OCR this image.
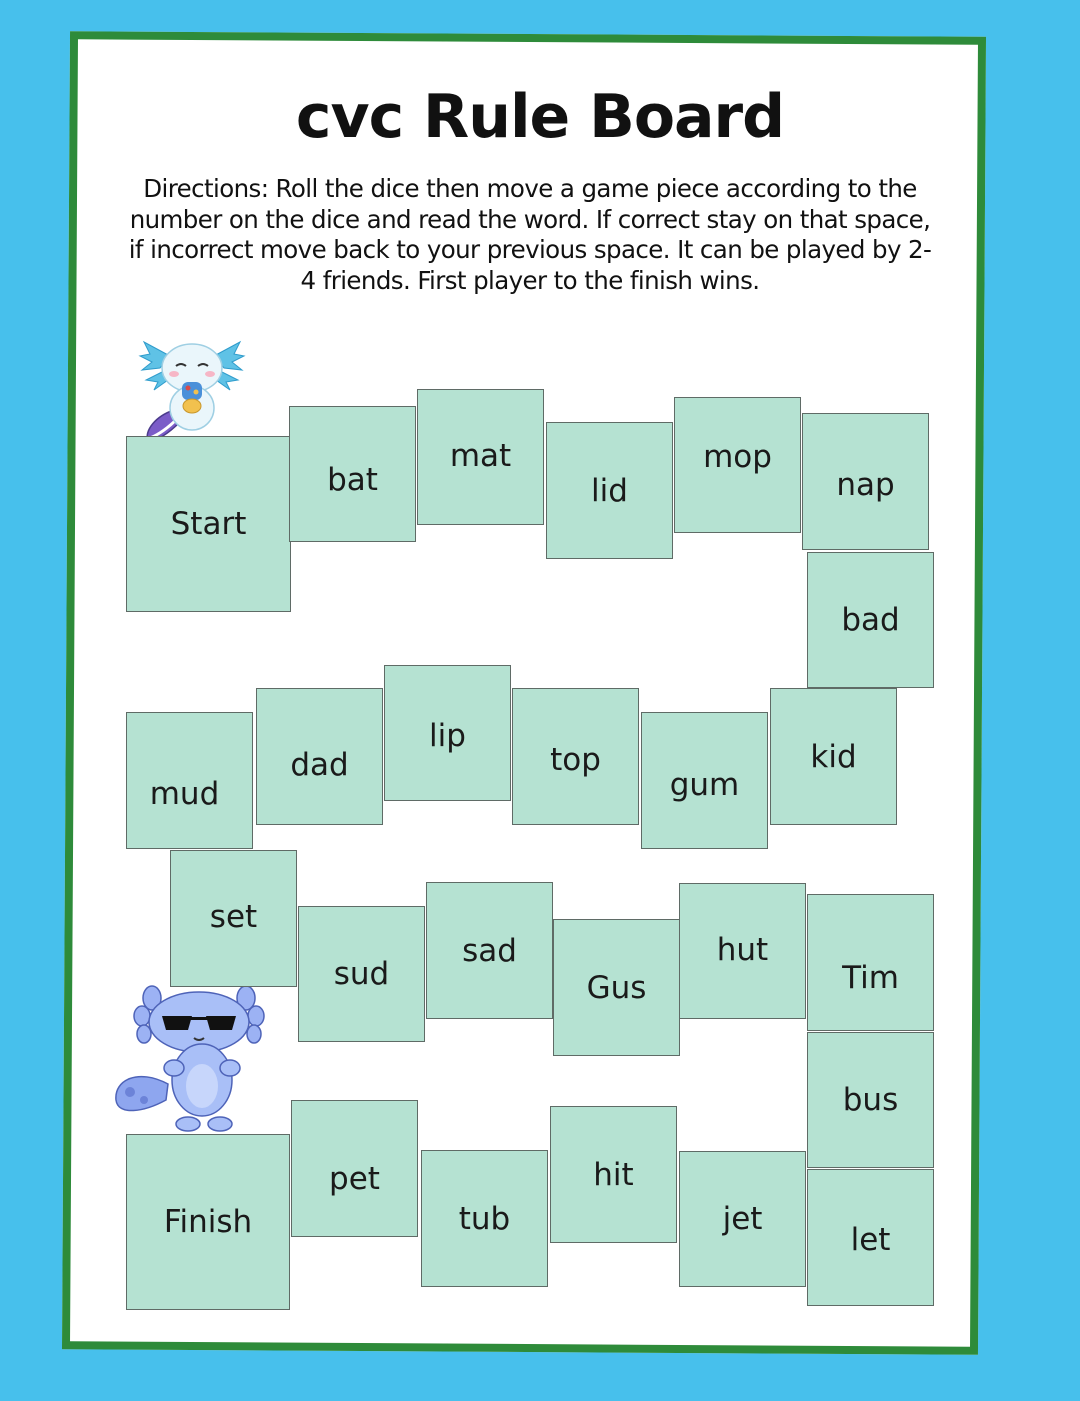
cvc Rule Board

Directions: Roll the dice then move a game piece according to the number on the dice and read the word. If correct stay on that space, if incorrect move back to your previous space. It can be played by 2-4 friends. First player to the finish wins.

Start
Finish
bat
mat
lid
mop
nap
bad
mud
dad
lip
top
gum
kid
set
sud
sad
Gus
hut
Tim
bus
pet
tub
hit
jet
let
